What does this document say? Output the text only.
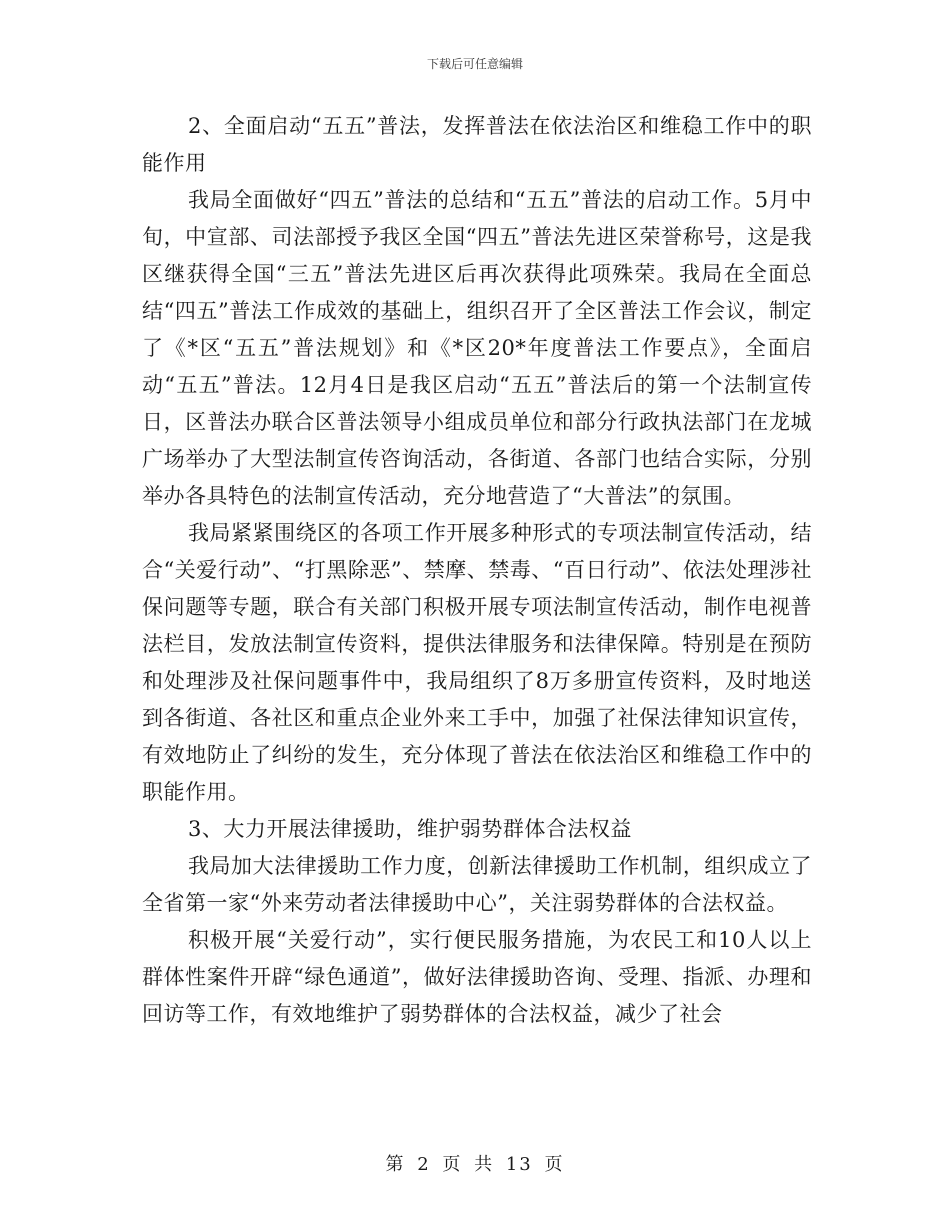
下载后可任意编辑

2、全面启动“五五”普法，发挥普法在依法治区和维稳工作中的职能作用

我局全面做好“四五”普法的总结和“五五”普法的启动工作。5月中旬，中宣部、司法部授予我区全国“四五”普法先进区荣誉称号，这是我区继获得全国“三五”普法先进区后再次获得此项殊荣。我局在全面总结“四五”普法工作成效的基础上，组织召开了全区普法工作会议，制定了《*区“五五”普法规划》和《*区20*年度普法工作要点》，全面启动“五五”普法。12月4日是我区启动“五五”普法后的第一个法制宣传日，区普法办联合区普法领导小组成员单位和部分行政执法部门在龙城广场举办了大型法制宣传咨询活动，各街道、各部门也结合实际，分别举办各具特色的法制宣传活动，充分地营造了“大普法”的氛围。

我局紧紧围绕区的各项工作开展多种形式的专项法制宣传活动，结合“关爱行动”、“打黑除恶”、禁摩、禁毒、“百日行动”、依法处理涉社保问题等专题，联合有关部门积极开展专项法制宣传活动，制作电视普法栏目，发放法制宣传资料，提供法律服务和法律保障。特别是在预防和处理涉及社保问题事件中，我局组织了8万多册宣传资料，及时地送到各街道、各社区和重点企业外来工手中，加强了社保法律知识宣传，有效地防止了纠纷的发生，充分体现了普法在依法治区和维稳工作中的职能作用。

3、大力开展法律援助，维护弱势群体合法权益

我局加大法律援助工作力度，创新法律援助工作机制，组织成立了全省第一家“外来劳动者法律援助中心”，关注弱势群体的合法权益。

积极开展“关爱行动”，实行便民服务措施，为农民工和10人以上群体性案件开辟“绿色通道”，做好法律援助咨询、受理、指派、办理和回访等工作，有效地维护了弱势群体的合法权益，减少了社会

第 2 页 共 13 页
